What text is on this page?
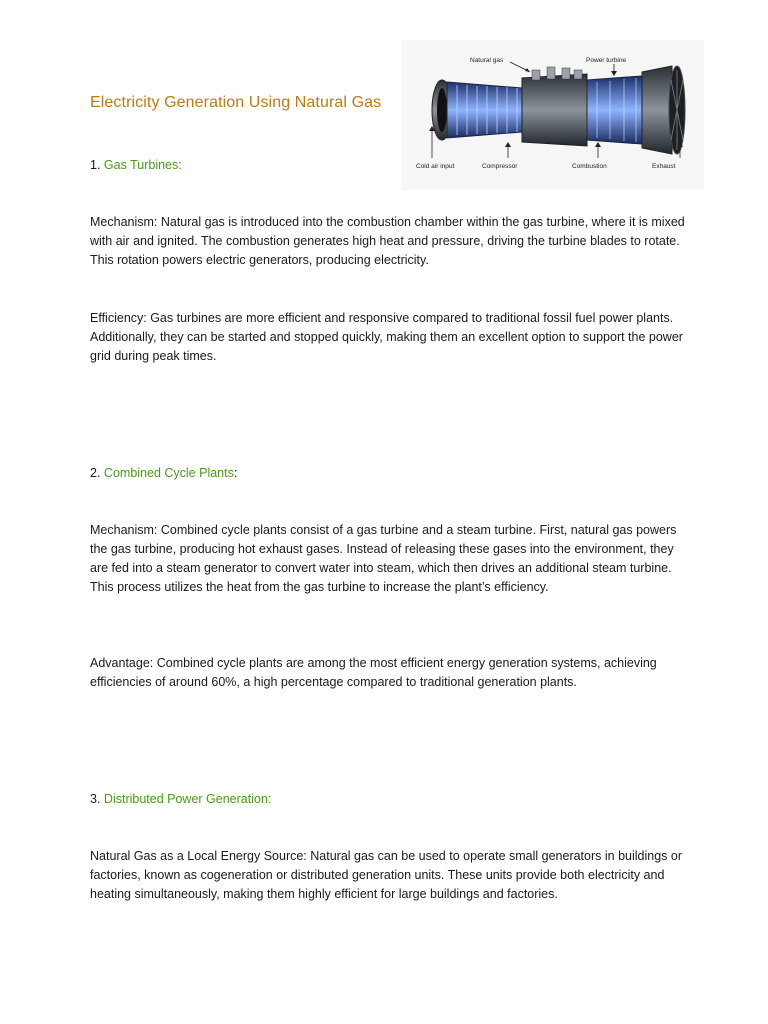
Electricity Generation Using Natural Gas
Natural gas	Power turbine
Cold air input	Compressor	Combustion	Exhaust
1. Gas Turbines:
Mechanism: Natural gas is introduced into the combustion chamber within the gas turbine, where it is mixed with air and ignited. The combustion generates high heat and pressure, driving the turbine blades to rotate. This rotation powers electric generators, producing electricity.
Efficiency: Gas turbines are more efficient and responsive compared to traditional fossil fuel power plants. Additionally, they can be started and stopped quickly, making them an excellent option to support the power grid during peak times.
2. Combined Cycle Plants:
Mechanism: Combined cycle plants consist of a gas turbine and a steam turbine. First, natural gas powers the gas turbine, producing hot exhaust gases. Instead of releasing these gases into the environment, they are fed into a steam generator to convert water into steam, which then drives an additional steam turbine. This process utilizes the heat from the gas turbine to increase the plant’s efficiency.
Advantage: Combined cycle plants are among the most efficient energy generation systems, achieving efficiencies of around 60%, a high percentage compared to traditional generation plants.
3. Distributed Power Generation:
Natural Gas as a Local Energy Source: Natural gas can be used to operate small generators in buildings or factories, known as cogeneration or distributed generation units. These units provide both electricity and heating simultaneously, making them highly efficient for large buildings and factories.
